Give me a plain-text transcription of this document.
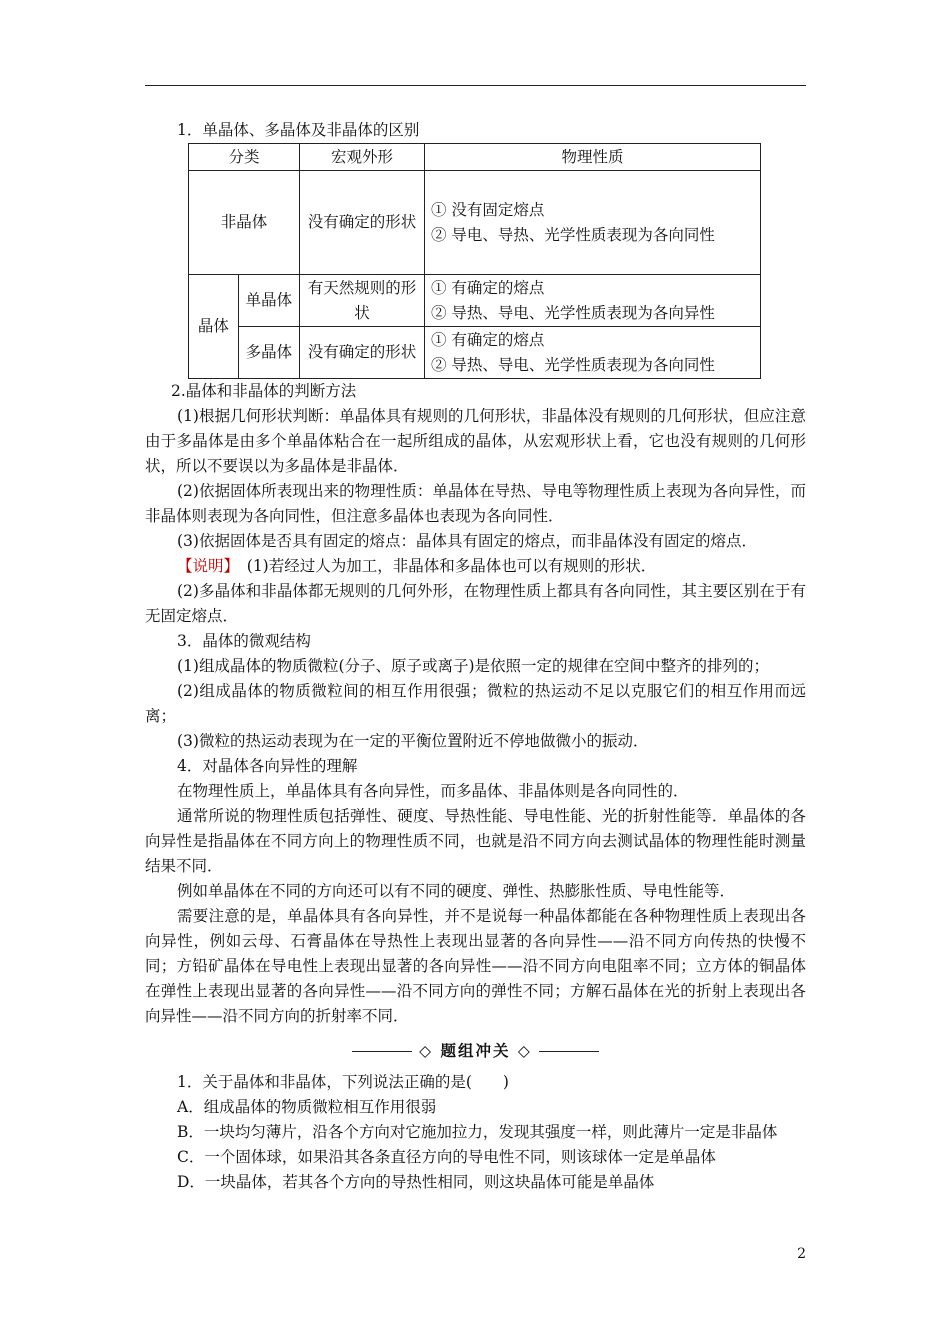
1．单晶体、多晶体及非晶体的区别
分类		宏观外形	物理性质
非晶体		没有确定的形状	① 没有固定熔点
② 导电、导热、光学性质表现为各向同性

晶体	单晶体	有天然规则的形状	① 有确定的熔点
② 导热、导电、光学性质表现为各向异性

	多晶体	没有确定的形状	① 有确定的熔点
② 导热、导电、光学性质表现为各向同性
2.晶体和非晶体的判断方法

(1)根据几何形状判断：单晶体具有规则的几何形状，非晶体没有规则的几何形状，但应注意由于多晶体是由多个单晶体粘合在一起所组成的晶体，从宏观形状上看，它也没有规则的几何形状，所以不要误以为多晶体是非晶体．

(2)依据固体所表现出来的物理性质：单晶体在导热、导电等物理性质上表现为各向异性，而非晶体则表现为各向同性，但注意多晶体也表现为各向同性．

(3)依据固体是否具有固定的熔点：晶体具有固定的熔点，而非晶体没有固定的熔点．

【说明】　(1)若经过人为加工，非晶体和多晶体也可以有规则的形状．

(2)多晶体和非晶体都无规则的几何外形，在物理性质上都具有各向同性，其主要区别在于有无固定熔点．

3．晶体的微观结构

(1)组成晶体的物质微粒(分子、原子或离子)是依照一定的规律在空间中整齐的排列的；

(2)组成晶体的物质微粒间的相互作用很强；微粒的热运动不足以克服它们的相互作用而远离；

(3)微粒的热运动表现为在一定的平衡位置附近不停地做微小的振动．

4．对晶体各向异性的理解

在物理性质上，单晶体具有各向异性，而多晶体、非晶体则是各向同性的．

通常所说的物理性质包括弹性、硬度、导热性能、导电性能、光的折射性能等．单晶体的各向异性是指晶体在不同方向上的物理性质不同，也就是沿不同方向去测试晶体的物理性能时测量结果不同．

例如单晶体在不同的方向还可以有不同的硬度、弹性、热膨胀性质、导电性能等．

需要注意的是，单晶体具有各向异性，并不是说每一种晶体都能在各种物理性质上表现出各向异性，例如云母、石膏晶体在导热性上表现出显著的各向异性——沿不同方向传热的快慢不同；方铅矿晶体在导电性上表现出显著的各向异性——沿不同方向电阻率不同；立方体的铜晶体在弹性上表现出显著的各向异性——沿不同方向的弹性不同；方解石晶体在光的折射上表现出各向异性——沿不同方向的折射率不同．

◇ 题组冲关 ◇
1．关于晶体和非晶体，下列说法正确的是(　　)
A．组成晶体的物质微粒相互作用很弱
B．一块均匀薄片，沿各个方向对它施加拉力，发现其强度一样，则此薄片一定是非晶体
C．一个固体球，如果沿其各条直径方向的导电性不同，则该球体一定是单晶体
D．一块晶体，若其各个方向的导热性相同，则这块晶体可能是单晶体
2
